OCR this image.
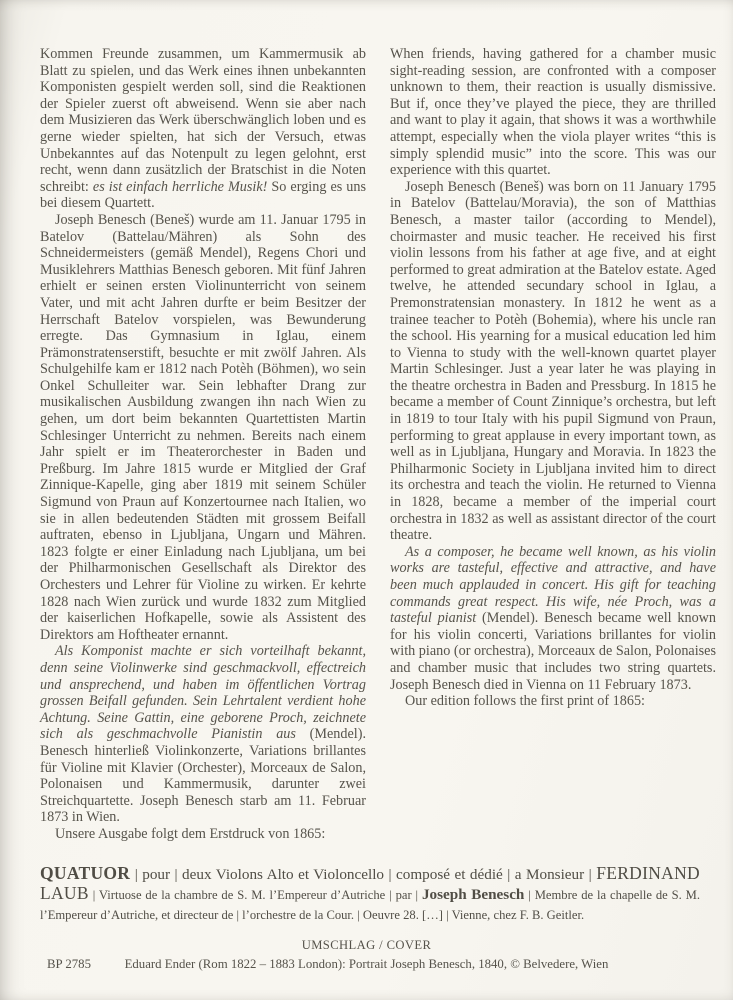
Kommen Freunde zusammen, um Kammermusik ab Blatt zu spielen, und das Werk eines ihnen unbekannten Komponisten gespielt werden soll, sind die Reaktionen der Spieler zuerst oft abweisend. Wenn sie aber nach dem Musizieren das Werk überschwänglich loben und es gerne wieder spielten, hat sich der Versuch, etwas Unbekanntes auf das Notenpult zu legen gelohnt, erst recht, wenn dann zusätzlich der Bratschist in die Noten schreibt: es ist einfach herrliche Musik! So erging es uns bei diesem Quartett.

Joseph Benesch (Beneš) wurde am 11. Januar 1795 in Batelov (Battelau/Mähren) als Sohn des Schneidermeisters (gemäß Mendel), Regens Chori und Musiklehrers Matthias Benesch geboren. Mit fünf Jahren erhielt er seinen ersten Violinunterricht von seinem Vater, und mit acht Jahren durfte er beim Besitzer der Herrschaft Batelov vorspielen, was Bewunderung erregte. Das Gymnasium in Iglau, einem Prämonstratenserstift, besuchte er mit zwölf Jahren. Als Schulgehilfe kam er 1812 nach Potèh (Böhmen), wo sein Onkel Schulleiter war. Sein lebhafter Drang zur musikalischen Ausbildung zwangen ihn nach Wien zu gehen, um dort beim bekannten Quartettisten Martin Schlesinger Unterricht zu nehmen. Bereits nach einem Jahr spielt er im Theaterorchester in Baden und Preßburg. Im Jahre 1815 wurde er Mitglied der Graf Zinnique-Kapelle, ging aber 1819 mit seinem Schüler Sigmund von Praun auf Konzertournee nach Italien, wo sie in allen bedeutenden Städten mit grossem Beifall auftraten, ebenso in Ljubljana, Ungarn und Mähren. 1823 folgte er einer Einladung nach Ljubljana, um bei der Philharmonischen Gesellschaft als Direktor des Orchesters und Lehrer für Violine zu wirken. Er kehrte 1828 nach Wien zurück und wurde 1832 zum Mitglied der kaiserlichen Hofkapelle, sowie als Assistent des Direktors am Hoftheater ernannt.

Als Komponist machte er sich vorteilhaft bekannt, denn seine Violinwerke sind geschmackvoll, effectreich und ansprechend, und haben im öffentlichen Vortrag grossen Beifall gefunden. Sein Lehrtalent verdient hohe Achtung. Seine Gattin, eine geborene Proch, zeichnete sich als geschmachvolle Pianistin aus (Mendel). Benesch hinterließ Violinkonzerte, Variations brillantes für Violine mit Klavier (Orchester), Morceaux de Salon, Polonaisen und Kammermusik, darunter zwei Streichquartette. Joseph Benesch starb am 11. Februar 1873 in Wien.

Unsere Ausgabe folgt dem Erstdruck von 1865:

When friends, having gathered for a chamber music sight-reading session, are confronted with a composer unknown to them, their reaction is usually dismissive. But if, once they’ve played the piece, they are thrilled and want to play it again, that shows it was a worthwhile attempt, especially when the viola player writes “this is simply splendid music” into the score. This was our experience with this quartet.

Joseph Benesch (Beneš) was born on 11 January 1795 in Batelov (Battelau/Moravia), the son of Matthias Benesch, a master tailor (according to Mendel), choirmaster and music teacher. He received his first violin lessons from his father at age five, and at eight performed to great admiration at the Batelov estate. Aged twelve, he attended secundary school in Iglau, a Premonstratensian monastery. In 1812 he went as a trainee teacher to Potèh (Bohemia), where his uncle ran the school. His yearning for a musical education led him to Vienna to study with the well-known quartet player Martin Schlesinger. Just a year later he was playing in the theatre orchestra in Baden and Pressburg. In 1815 he became a member of Count Zinnique’s orchestra, but left in 1819 to tour Italy with his pupil Sigmund von Praun, performing to great applause in every important town, as well as in Ljubljana, Hungary and Moravia. In 1823 the Philharmonic Society in Ljubljana invited him to direct its orchestra and teach the violin. He returned to Vienna in 1828, became a member of the imperial court orchestra in 1832 as well as assistant director of the court theatre.

As a composer, he became well known, as his violin works are tasteful, effective and attractive, and have been much applauded in concert. His gift for teaching commands great respect. His wife, née Proch, was a tasteful pianist (Mendel). Benesch became well known for his violin concerti, Variations brillantes for violin with piano (or orchestra), Morceaux de Salon, Polonaises and chamber music that includes two string quartets. Joseph Benesch died in Vienna on 11 February 1873.

Our edition follows the first print of 1865:

QUATUOR | pour | deux Violons Alto et Violoncello | composé et dédié | a Monsieur | FERDINAND LAUB | Virtuose de la chambre de S. M. l’Empereur d’Autriche | par | Joseph Benesch | Membre de la chapelle de S. M. l’Empereur d’Autriche, et directeur de | l’orchestre de la Cour. | Oeuvre 28. […] | Vienne, chez F. B. Geitler.

UMSCHLAG / COVER
BP 2785	Eduard Ender (Rom 1822 – 1883 London): Portrait Joseph Benesch, 1840, © Belvedere, Wien
